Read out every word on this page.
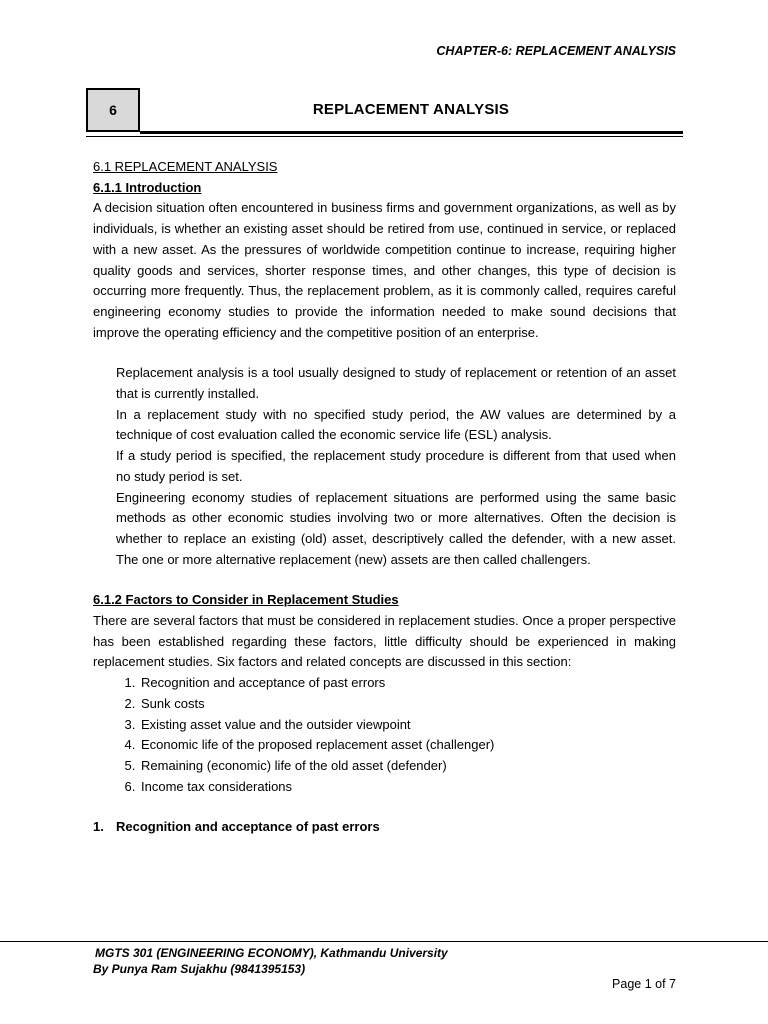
CHAPTER-6: REPLACEMENT ANALYSIS
6	REPLACEMENT ANALYSIS

6.1 REPLACEMENT ANALYSIS

6.1.1 Introduction

A decision situation often encountered in business firms and government organizations, as well as by individuals, is whether an existing asset should be retired from use, continued in service, or replaced with a new asset. As the pressures of worldwide competition continue to increase, requiring higher quality goods and services, shorter response times, and other changes, this type of decision is occurring more frequently. Thus, the replacement problem, as it is commonly called, requires careful engineering economy studies to provide the information needed to make sound decisions that improve the operating efficiency and the competitive position of an enterprise.

Replacement analysis is a tool usually designed to study of replacement or retention of an asset that is currently installed.

In a replacement study with no specified study period, the AW values are determined by a technique of cost evaluation called the economic service life (ESL) analysis.

If a study period is specified, the replacement study procedure is different from that used when no study period is set.

Engineering economy studies of replacement situations are performed using the same basic methods as other economic studies involving two or more alternatives. Often the decision is whether to replace an existing (old) asset, descriptively called the defender, with a new asset. The one or more alternative replacement (new) assets are then called challengers.

6.1.2 Factors to Consider in Replacement Studies

There are several factors that must be considered in replacement studies. Once a proper perspective has been established regarding these factors, little difficulty should be experienced in making replacement studies. Six factors and related concepts are discussed in this section:

1. Recognition and acceptance of past errors
2. Sunk costs
3. Existing asset value and the outsider viewpoint
4. Economic life of the proposed replacement asset (challenger)
5. Remaining (economic) life of the old asset (defender)
6. Income tax considerations
1. Recognition and acceptance of past errors
MGTS 301 (ENGINEERING ECONOMY), Kathmandu University
By Punya Ram Sujakhu (9841395153)
Page 1 of 7
